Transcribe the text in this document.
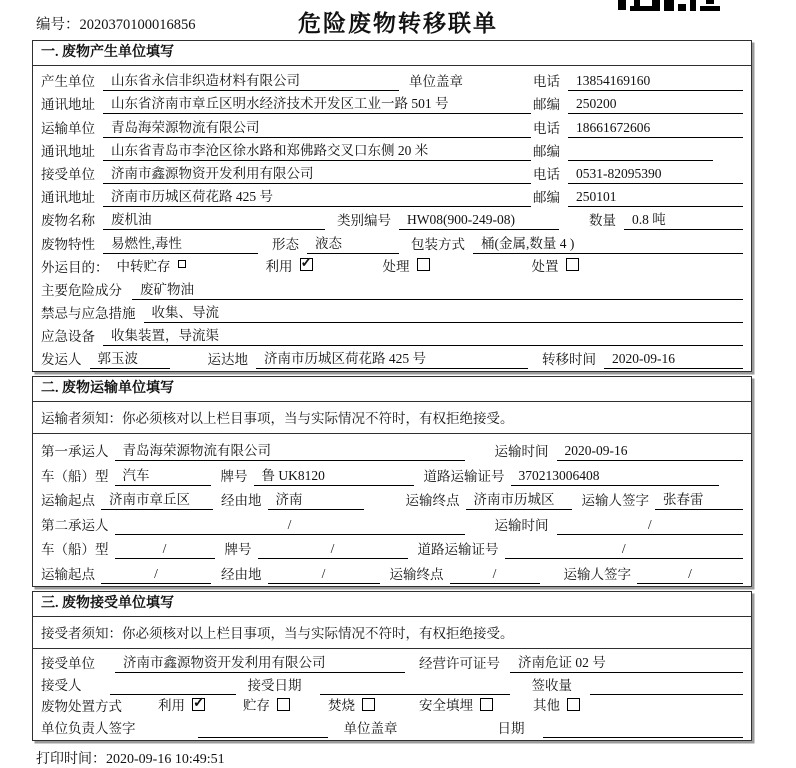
编号：2020370100016856	危险废物转移联单
一. 废物产生单位填写
产生单位	山东省永信非织造材料有限公司	单位盖章	电话	13854169160
通讯地址	山东省济南市章丘区明水经济技术开发区工业一路 501 号	邮编	250200
运输单位	青岛海荣源物流有限公司	电话	18661672606
通讯地址	山东省青岛市李沧区徐水路和郑佛路交叉口东侧 20 米	邮编
接受单位	济南市鑫源物资开发利用有限公司	电话	0531-82095390
通讯地址	济南市历城区荷花路 425 号	邮编	250101
废物名称	废机油	类别编号	HW08(900-249-08)	数量	0.8 吨
废物特性	易燃性,毒性	形态	液态	包装方式	桶(金属,数量 4 )
外运目的： 中转贮存	利用 ✓	处理	处置
主要危险成分	废矿物油
禁忌与应急措施	收集、导流
应急设备	收集装置，导流渠
发运人	郭玉波	运达地	济南市历城区荷花路 425 号	转移时间	2020-09-16
二. 废物运输单位填写
运输者须知：你必须核对以上栏目事项，当与实际情况不符时，有权拒绝接受。
第一承运人	青岛海荣源物流有限公司	运输时间	2020-09-16
车（船）型	汽车	牌号	鲁 UK8120	道路运输证号	370213006408
运输起点	济南市章丘区	经由地	济南	运输终点	济南市历城区	运输人签字	张春雷
第二承运人	/	运输时间	/
车（船）型	/	牌号	/	道路运输证号	/
运输起点	/	经由地	/	运输终点	/	运输人签字	/
三. 废物接受单位填写
接受者须知：你必须核对以上栏目事项，当与实际情况不符时，有权拒绝接受。
接受单位	济南市鑫源物资开发利用有限公司	经营许可证号	济南危证 02 号
接受人	接受日期	签收量
废物处置方式	利用 ✓	贮存	焚烧	安全填埋	其他
单位负责人签字	单位盖章	日期
打印时间：2020-09-16 10:49:51
